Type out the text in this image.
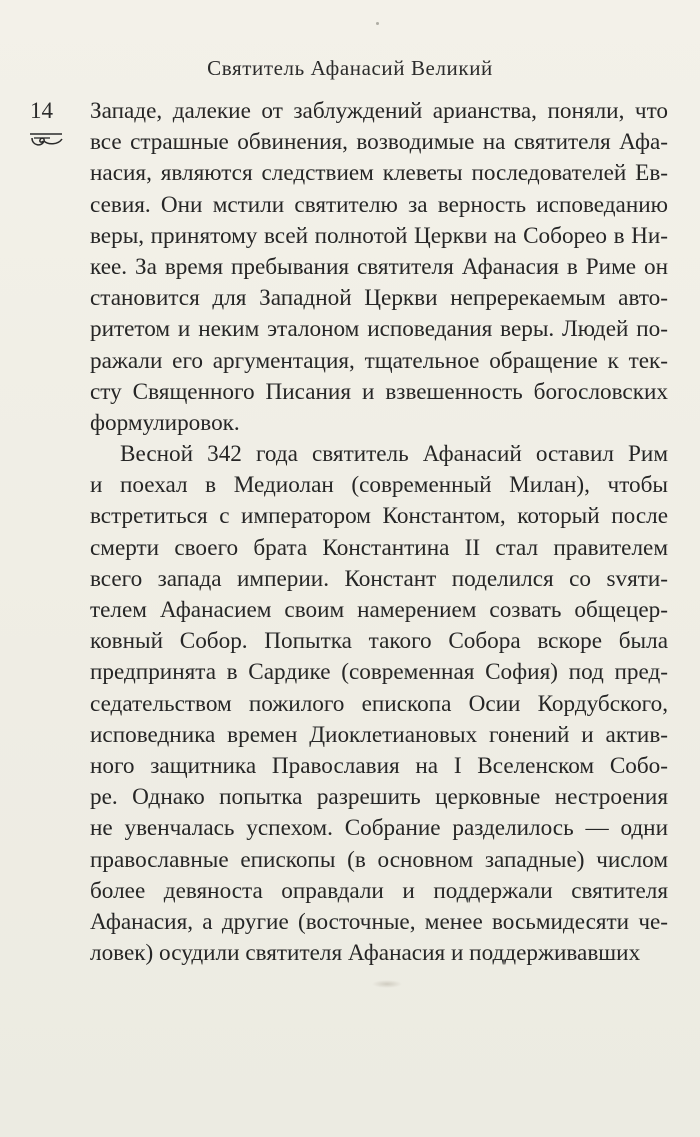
Святитель Афанасий Великий
14 Западе, далекие от заблуждений арианства, поняли, что
все страшные обвинения, возводимые на святителя Афа-
насия, являются следствием клеветы последователей Ев-
севия. Они мстили святителю за верность исповеданию
веры, принятому всей полнотой Церкви на Собореo в Ни-
кее. За время пребывания святителя Афанасия в Риме он
становится для Западной Церкви непререкаемым авто-
ритетом и неким эталоном исповедания веры. Людей по-
ражали его аргументация, тщательное обращение к тек-
сту Священного Писания и взвешенность богословских
формулировок.
Весной 342 года святитель Афанасий оставил Рим
и поехал в Медиолан (современный Милан), чтобы
встретиться с императором Константом, который после
смерти своего брата Константина II стал правителем
всего запада империи. Констант поделился со svяти-
телем Афанасием своим намерением созвать общецер-
ковный Собор. Попытка такого Собора вскоре была
предпринята в Сардике (современная София) под пред-
седательством пожилого епископа Осии Кордубского,
исповедника времен Диоклетиановых гонений и актив-
ного защитника Православия на I Вселенском Собо-
ре. Однако попытка разрешить церковные нестроения
не увенчалась успехом. Собрание разделилось — одни
православные епископы (в основном западные) числом
более девяноста оправдали и поддержали святителя
Афанасия, а другие (восточные, менее восьмидесяти че-
ловек) осудили святителя Афанасия и поддерживавших
